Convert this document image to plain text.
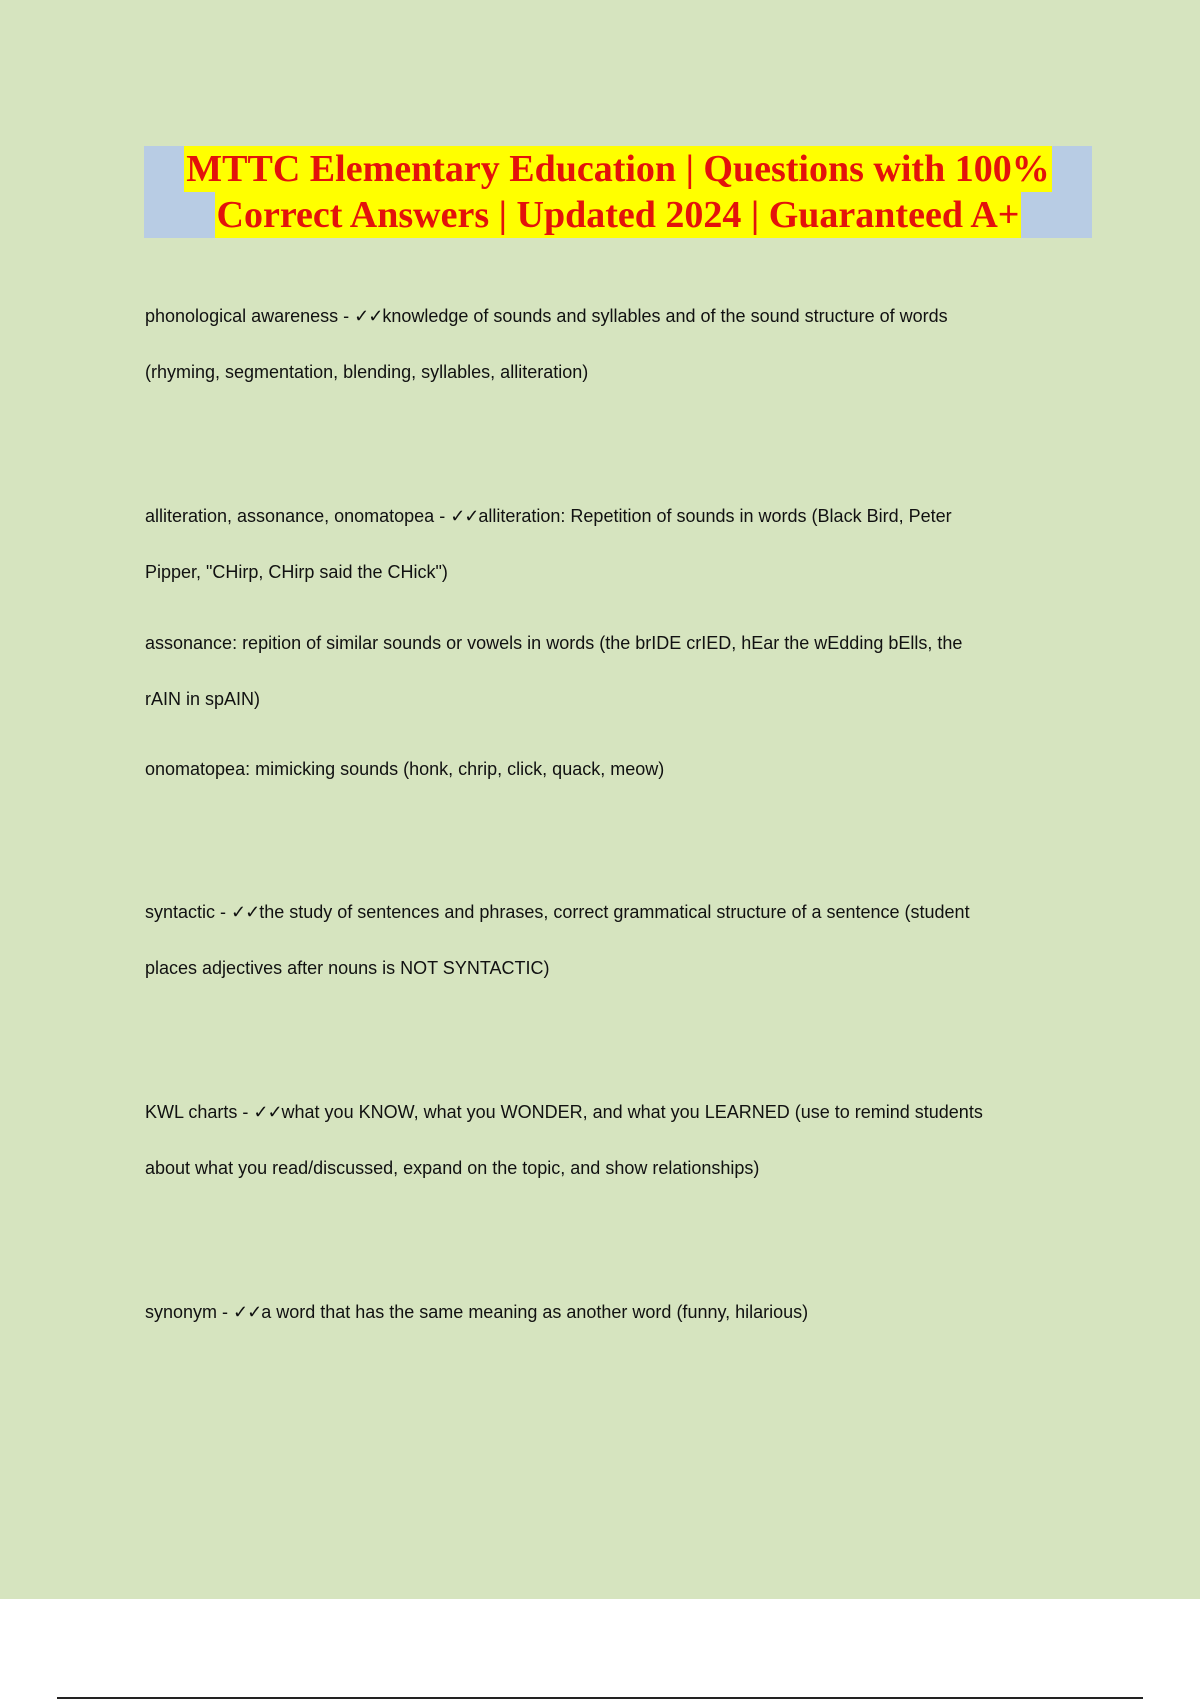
MTTC Elementary Education | Questions with 100%
Correct Answers | Updated 2024 | Guaranteed A+
phonological awareness - ✓✓knowledge of sounds and syllables and of the sound structure of words
(rhyming, segmentation, blending, syllables, alliteration)
alliteration, assonance, onomatopea - ✓✓alliteration: Repetition of sounds in words (Black Bird, Peter
Pipper, "CHirp, CHirp said the CHick")
assonance: repition of similar sounds or vowels in words (the brIDE crIED, hEar the wEdding bElls, the
rAIN in spAIN)
onomatopea: mimicking sounds (honk, chrip, click, quack, meow)
syntactic - ✓✓the study of sentences and phrases, correct grammatical structure of a sentence (student
places adjectives after nouns is NOT SYNTACTIC)
KWL charts - ✓✓what you KNOW, what you WONDER, and what you LEARNED (use to remind students
about what you read/discussed, expand on the topic, and show relationships)
synonym - ✓✓a word that has the same meaning as another word (funny, hilarious)
